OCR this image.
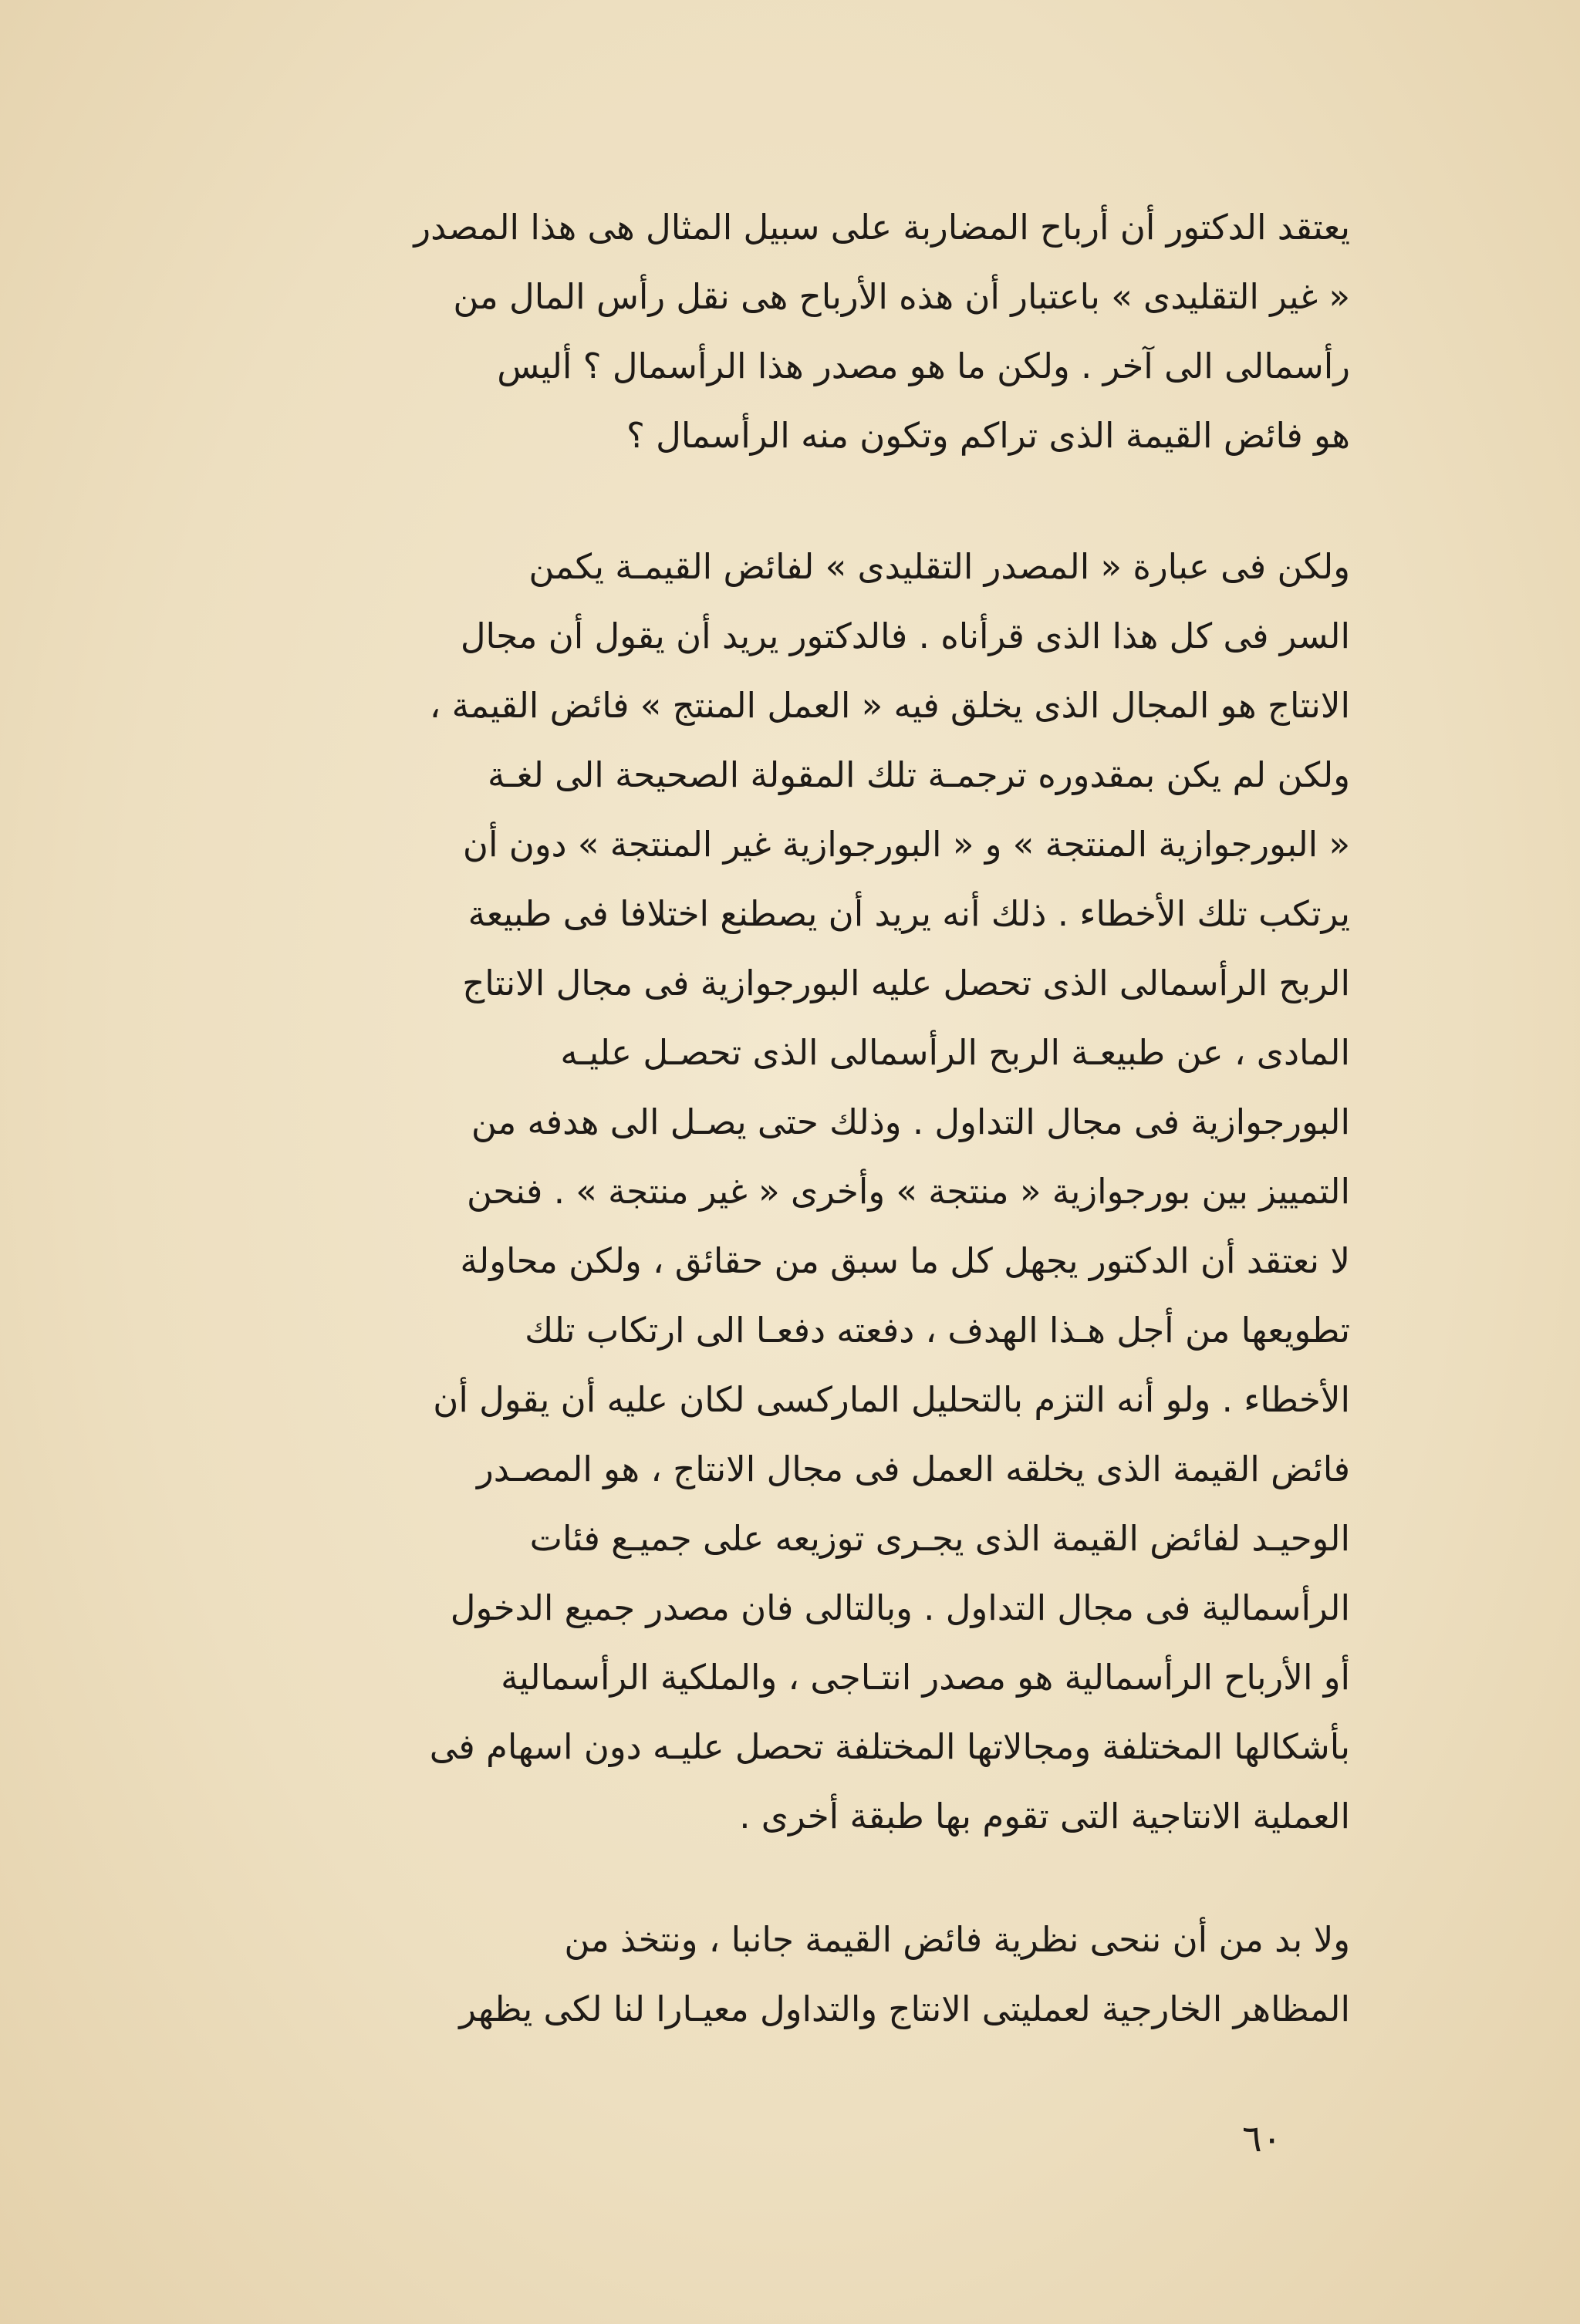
يعتقد الدكتور أن أرباح المضاربة على سبيل المثال هى هذا المصدر
« غير التقليدى » باعتبار أن هذه الأرباح هى نقل رأس المال من
رأسمالى الى آخر . ولكن ما هو مصدر هذا الرأسمال ؟ أليس
هو فائض القيمة الذى تراكم وتكون منه الرأسمال ؟
ولكن فى عبارة « المصدر التقليدى » لفائض القيمـة يكمن
السر فى كل هذا الذى قرأناه . فالدكتور يريد أن يقول أن مجال
الانتاج هو المجال الذى يخلق فيه « العمل المنتج » فائض القيمة ،
ولكن لم يكن بمقدوره ترجمـة تلك المقولة الصحيحة الى لغـة
« البورجوازية المنتجة » و « البورجوازية غير المنتجة » دون أن
يرتكب تلك الأخطاء . ذلك أنه يريد أن يصطنع اختلافا فى طبيعة
الربح الرأسمالى الذى تحصل عليه البورجوازية فى مجال الانتاج
المادى ، عن طبيعـة الربح الرأسمالى الذى تحصـل عليـه
البورجوازية فى مجال التداول . وذلك حتى يصـل الى هدفه من
التمييز بين بورجوازية « منتجة » وأخرى « غير منتجة » . فنحن
لا نعتقد أن الدكتور يجهل كل ما سبق من حقائق ، ولكن محاولة
تطويعها من أجل هـذا الهدف ، دفعته دفعـا الى ارتكاب تلك
الأخطاء . ولو أنه التزم بالتحليل الماركسى لكان عليه أن يقول أن
فائض القيمة الذى يخلقه العمل فى مجال الانتاج ، هو المصـدر
الوحيـد لفائض القيمة الذى يجـرى توزيعه على جميـع فئات
الرأسمالية فى مجال التداول . وبالتالى فان مصدر جميع الدخول
أو الأرباح الرأسمالية هو مصدر انتـاجى ، والملكية الرأسمالية
بأشكالها المختلفة ومجالاتها المختلفة تحصل عليـه دون اسهام فى
العملية الانتاجية التى تقوم بها طبقة أخرى .
ولا بد من أن ننحى نظرية فائض القيمة جانبا ، ونتخذ من
المظاهر الخارجية لعمليتى الانتاج والتداول معيـارا لنا لكى يظهر
٦٠
